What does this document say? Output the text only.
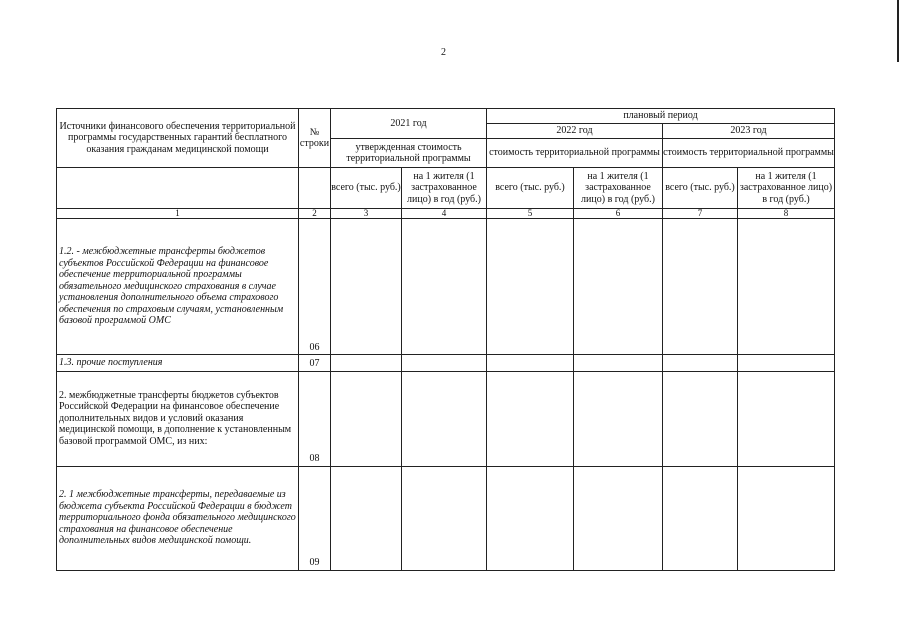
2
Источники финансового обеспечения территориальной программы государственных гарантий бесплатного оказания гражданам медицинской помощи	№ строки	2021 год		плановый период			
				2022 год		2023 год	
		утвержденная стоимость территориальной программы		стоимость территориальной программы		стоимость территориальной программы	
		всего (тыс. руб.)	на 1 жителя (1 застрахованное лицо) в год (руб.)	всего (тыс. руб.)	на 1 жителя (1 застрахованное лицо) в год (руб.)	всего (тыс. руб.)	на 1 жителя (1 застрахованное лицо) в год (руб.)
1	2	3	4	5	6	7	8
1.2. - межбюджетные трансферты бюджетов субъектов Российской Федерации на финансовое обеспечение территориальной программы обязательного медицинского страхования в случае установления дополнительного объема страхового обеспечения по страховым случаям, установленным базовой программой ОМС	06						
1.3. прочие поступления	07						
2. межбюджетные трансферты бюджетов субъектов Российской Федерации на финансовое обеспечение дополнительных видов и условий оказания медицинской помощи, в дополнение к установленным базовой программой ОМС, из них:	08						
2. 1 межбюджетные трансферты, передаваемые из бюджета субъекта Российской Федерации в бюджет территориального фонда обязательного медицинского страхования на финансовое обеспечение дополнительных видов медицинской помощи.	09						
